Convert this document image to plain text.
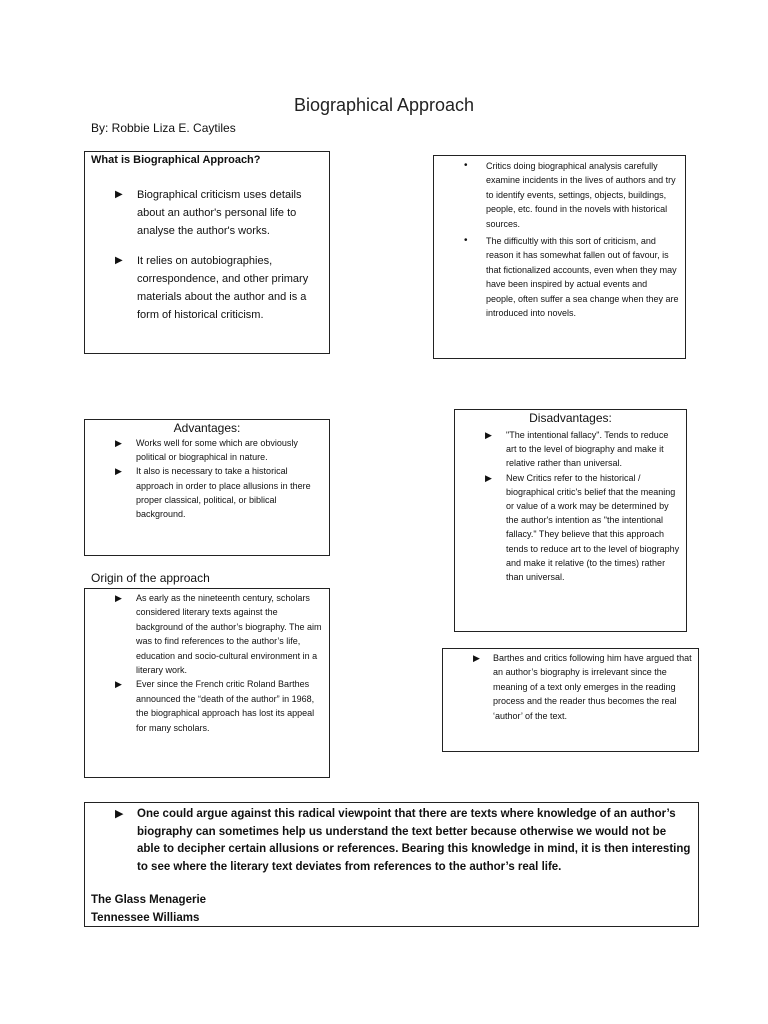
Biographical Approach
By: Robbie Liza E. Caytiles
What is Biographical Approach?
▶ Biographical criticism uses details about an author's personal life to analyse the author's works.
▶ It relies on autobiographies, correspondence, and other primary materials about the author and is a form of historical criticism.
• Critics doing biographical analysis carefully examine incidents in the lives of authors and try to identify events, settings, objects, buildings, people, etc. found in the novels with historical sources.
• The difficultly with this sort of criticism, and reason it has somewhat fallen out of favour, is that fictionalized accounts, even when they may have been inspired by actual events and people, often suffer a sea change when they are introduced into novels.
Advantages:
▶ Works well for some which are obviously political or biographical in nature.
▶ It also is necessary to take a historical approach in order to place allusions in there proper classical, political, or biblical background.
Disadvantages:
▶ "The intentional fallacy". Tends to reduce art to the level of biography and make it relative rather than universal.
▶ New Critics refer to the historical / biographical critic's belief that the meaning or value of a work may be determined by the author's intention as "the intentional fallacy." They believe that this approach tends to reduce art to the level of biography and make it relative (to the times) rather than universal.
Origin of the approach
▶ As early as the nineteenth century, scholars considered literary texts against the background of the author’s biography. The aim was to find references to the author’s life, education and socio-cultural environment in a literary work.
▶ Ever since the French critic Roland Barthes announced the “death of the author” in 1968, the biographical approach has lost its appeal for many scholars.
▶ Barthes and critics following him have argued that an author’s biography is irrelevant since the meaning of a text only emerges in the reading process and the reader thus becomes the real ‘author’ of the text.
▶ One could argue against this radical viewpoint that there are texts where knowledge of an author’s biography can sometimes help us understand the text better because otherwise we would not be able to decipher certain allusions or references. Bearing this knowledge in mind, it is then interesting to see where the literary text deviates from references to the author’s real life.
The Glass Menagerie
Tennessee Williams
